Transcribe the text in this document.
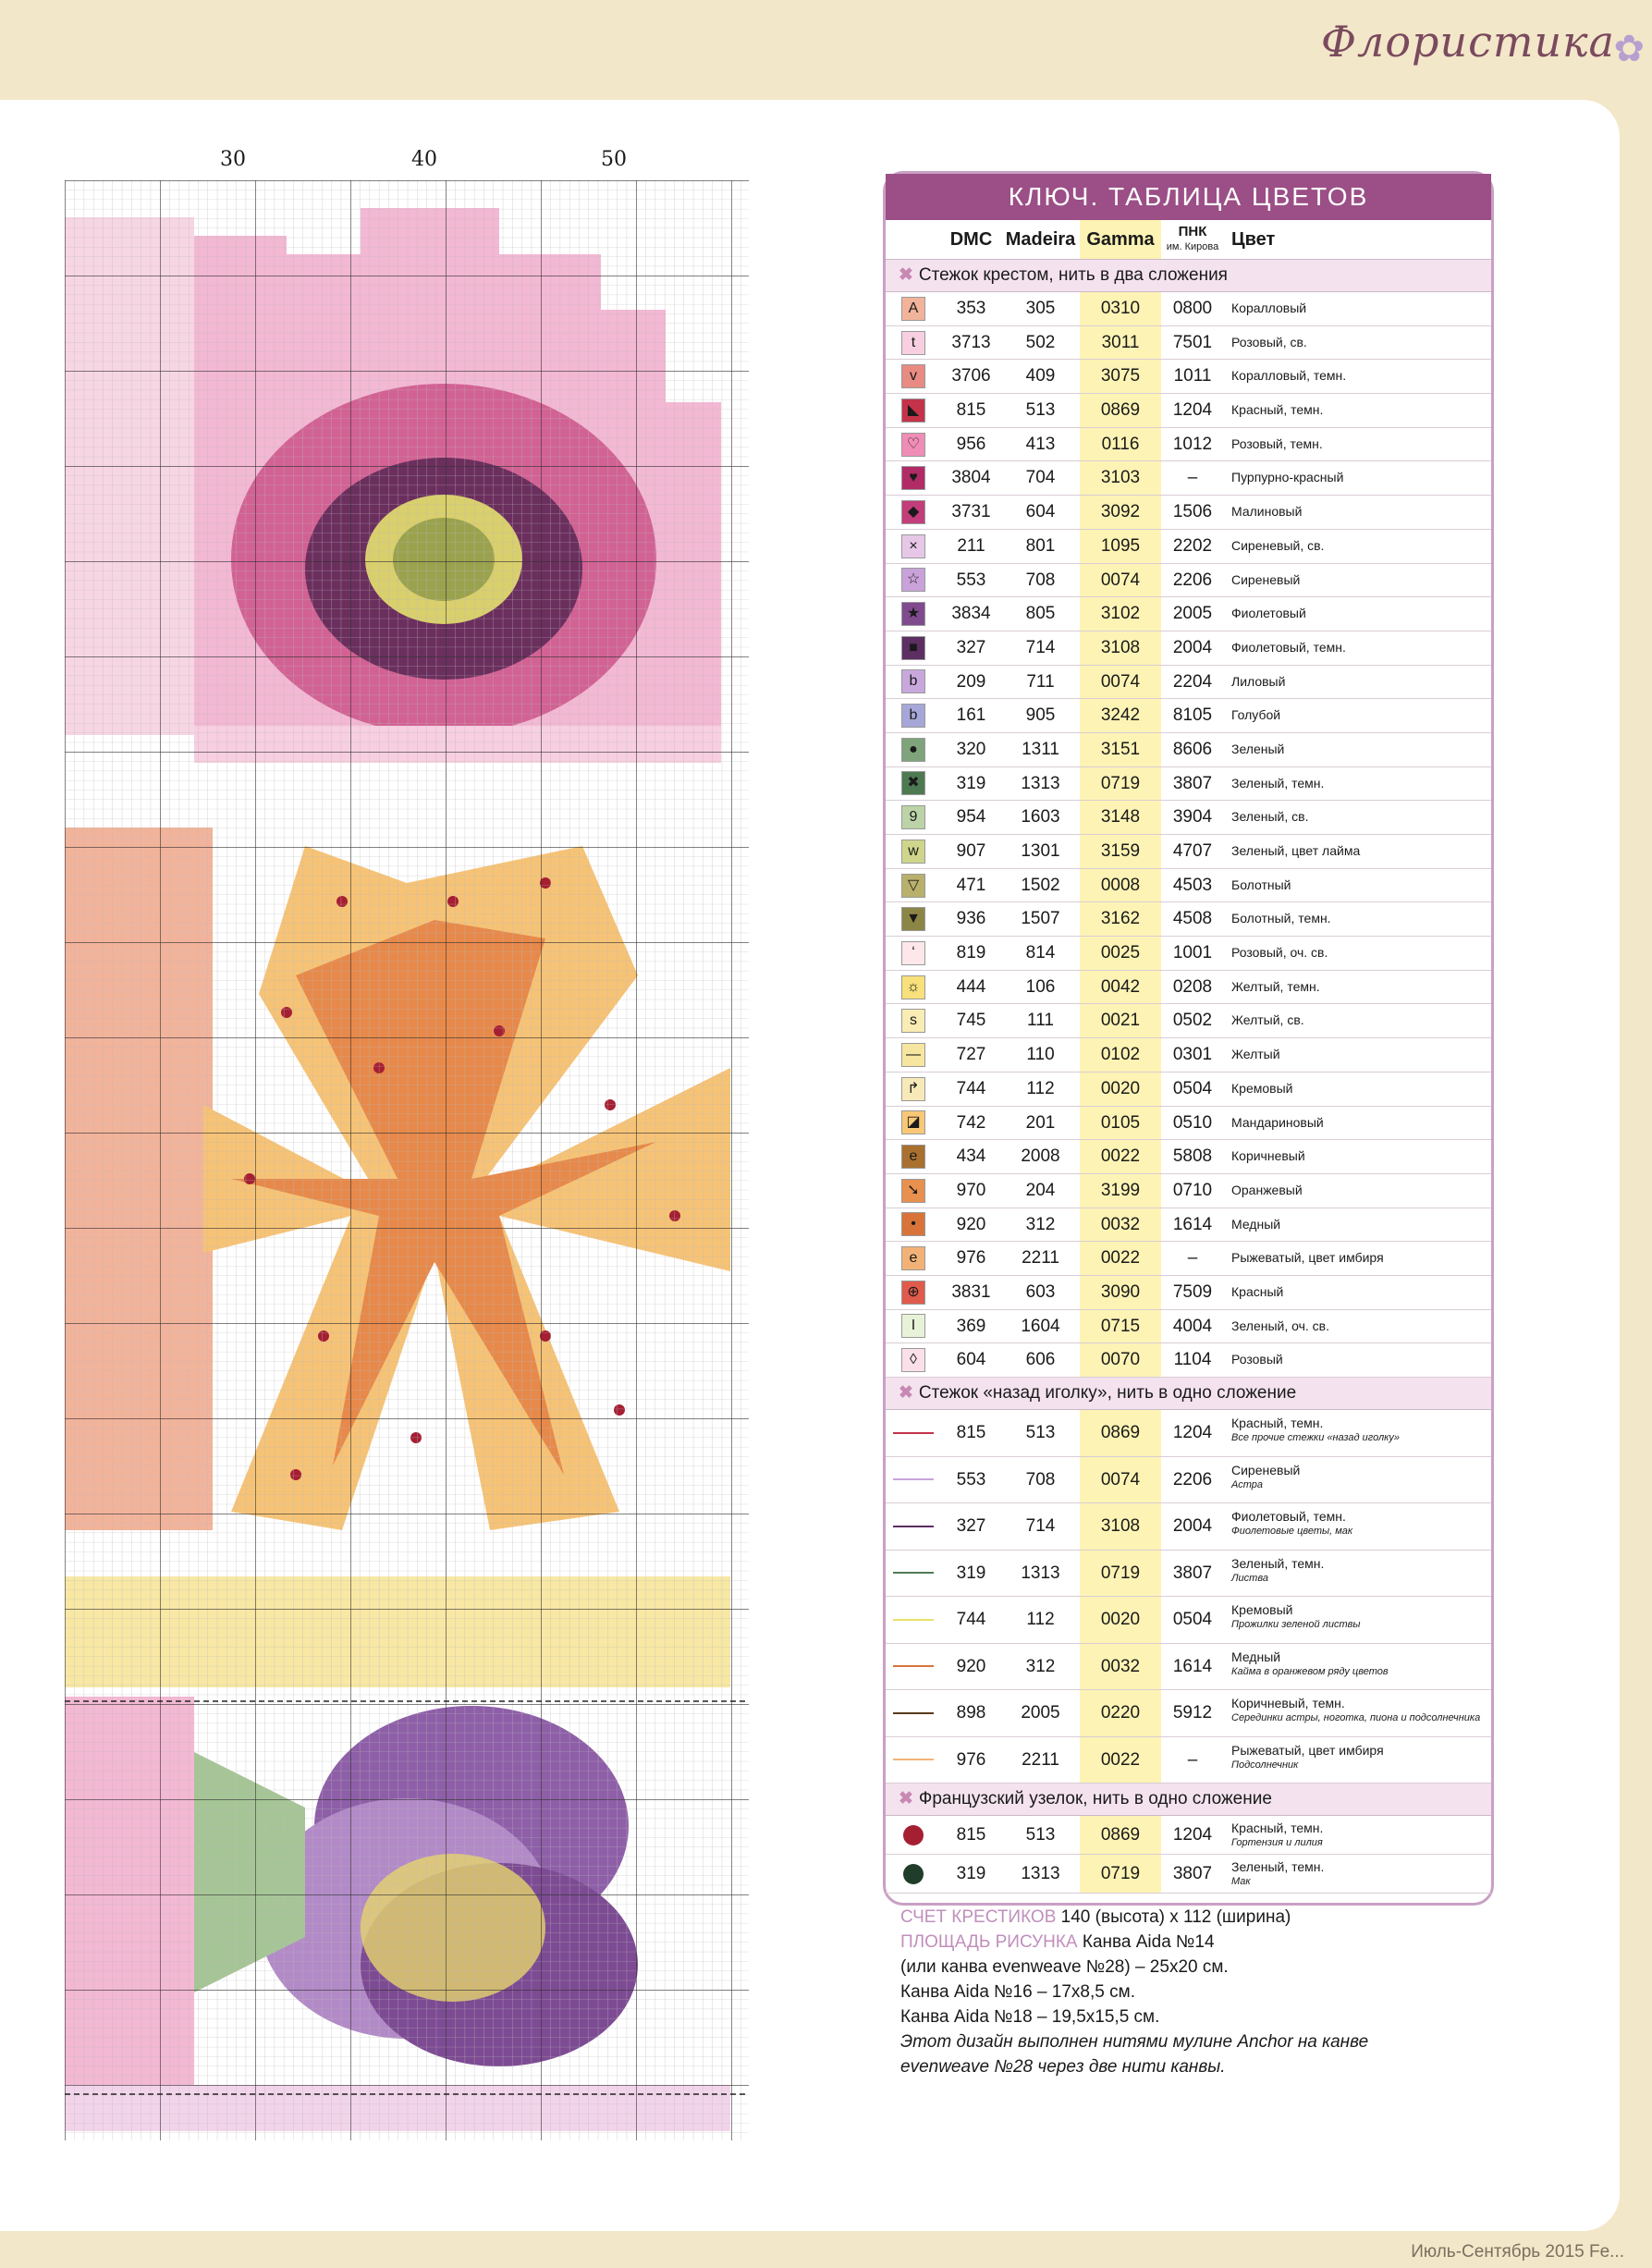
Флористика
✿
30	40	50
КЛЮЧ. ТАБЛИЦА ЦВЕТОВ
DMC Madeira Gamma	ПНК
им. Кирова Цвет
✖ Стежок крестом, нить в два сложения
A	353	305	0310	0800	Коралловый
t	3713	502	3011	7501	Розовый, св.
v	3706	409	3075	1011	Коралловый, темн.
◣	815	513	0869	1204	Красный, темн.
♡	956	413	0116	1012	Розовый, темн.
♥	3804	704	3103	–	Пурпурно-красный
◆	3731	604	3092	1506	Малиновый
×	211	801	1095	2202	Сиреневый, св.
☆	553	708	0074	2206	Сиреневый
★	3834	805	3102	2005	Фиолетовый
■	327	714	3108	2004	Фиолетовый, темн.
b	209	711	0074	2204	Лиловый
b	161	905	3242	8105	Голубой
●	320	1311	3151	8606	Зеленый
✖	319	1313	0719	3807	Зеленый, темн.
9	954	1603	3148	3904	Зеленый, св.
w	907	1301	3159	4707	Зеленый, цвет лайма
▽	471	1502	0008	4503	Болотный
▼	936	1507	3162	4508	Болотный, темн.
ʻ	819	814	0025	1001	Розовый, оч. св.
☼	444	106	0042	0208	Желтый, темн.
s	745	111	0021	0502	Желтый, св.
—	727	110	0102	0301	Желтый
↱	744	112	0020	0504	Кремовый
◪	742	201	0105	0510	Мандариновый
e	434	2008	0022	5808	Коричневый
➘	970	204	3199	0710	Оранжевый
•	920	312	0032	1614	Медный
e	976	2211	0022	–	Рыжеватый, цвет имбиря
⊕	3831	603	3090	7509	Красный
I	369	1604	0715	4004	Зеленый, оч. св.
◊	604	606	0070	1104	Розовый
✖ Стежок «назад иголку», нить в одно сложение
815	513	0869	1204	Красный, темн.
Все прочие стежки «назад иголку»
553	708	0074	2206	Сиреневый
Астра
327	714	3108	2004	Фиолетовый, темн.
Фиолетовые цветы, мак
319	1313	0719	3807	Зеленый, темн.
Листва
744	112	0020	0504	Кремовый
Прожилки зеленой листвы
920	312	0032	1614	Медный
Кайма в оранжевом ряду цветов
898	2005	0220	5912	Коричневый, темн.
Серединки астры, ноготка, пиона и подсолнечника
976	2211	0022	–	Рыжеватый, цвет имбиря
Подсолнечник
✖ Французский узелок, нить в одно сложение
815	513	0869	1204	Красный, темн.
Гортензия и лилия
319	1313	0719	3807	Зеленый, темн.
Мак
СЧЕТ КРЕСТИКОВ 140 (высота) x 112 (ширина)
ПЛОЩАДЬ РИСУНКА Канва Aida №14
(или канва evenweave №28) – 25x20 см.
Канва Aida №16 – 17x8,5 см.
Канва Aida №18 – 19,5x15,5 см.
Этот дизайн выполнен нитями мулине Anchor на канве
evenweave №28 через две нити канвы.
Июль-Сентябрь 2015 Fe...
